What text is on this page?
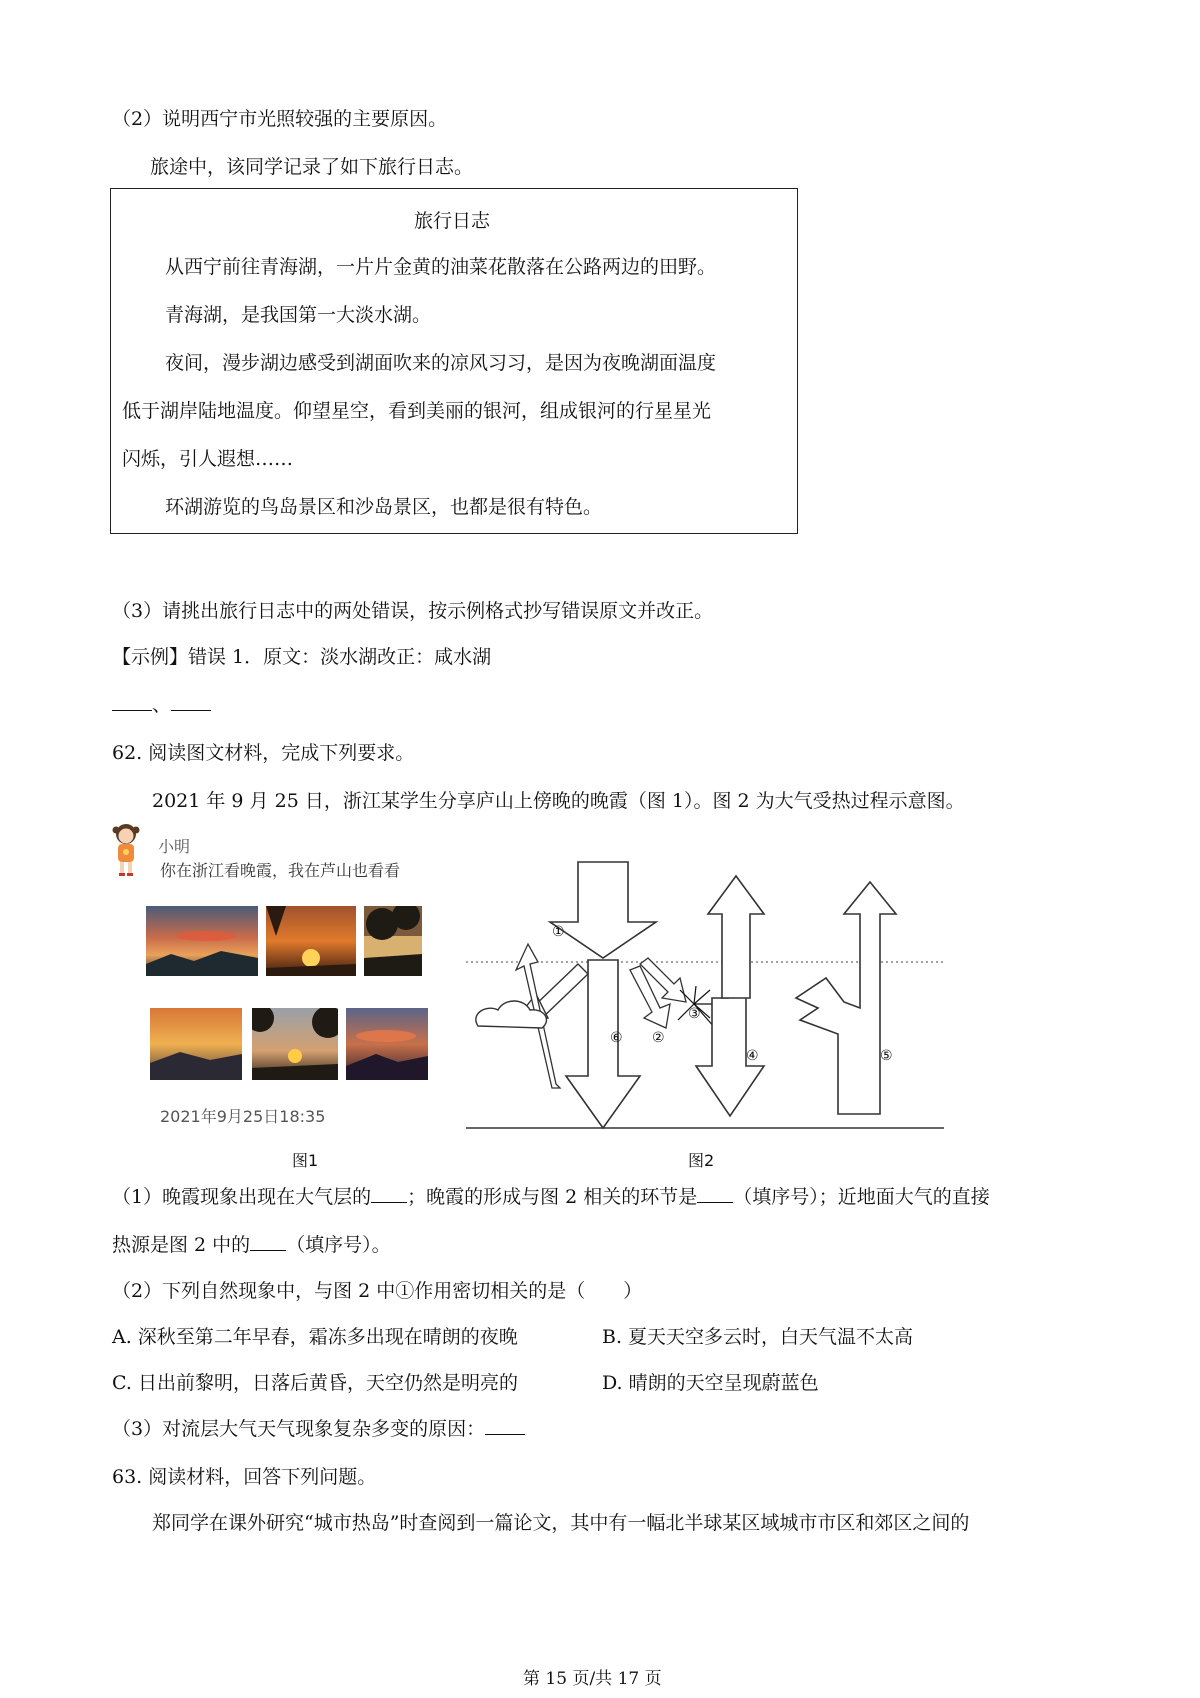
（2）说明西宁市光照较强的主要原因。
旅途中，该同学记录了如下旅行日志。
旅行日志
从西宁前往青海湖，一片片金黄的油菜花散落在公路两边的田野。
青海湖，是我国第一大淡水湖。
夜间，漫步湖边感受到湖面吹来的凉风习习，是因为夜晚湖面温度
低于湖岸陆地温度。仰望星空，看到美丽的银河，组成银河的行星星光
闪烁，引人遐想……
环湖游览的鸟岛景区和沙岛景区，也都是很有特色。
（3）请挑出旅行日志中的两处错误，按示例格式抄写错误原文并改正。
【示例】错误 1．原文：淡水湖改正：咸水湖
、
62. 阅读图文材料，完成下列要求。
2021 年 9 月 25 日，浙江某学生分享庐山上傍晚的晚霞（图 1）。图 2 为大气受热过程示意图。
小明
你在浙江看晚霞，我在芦山也看看
2021年9月25日18:35
图1
①
②
③
④	⑤
⑥
图2
（1）晚霞现象出现在大气层的 ；晚霞的形成与图 2 相关的环节是 （填序号）；近地面大气的直接
热源是图 2 中的 （填序号）。
（2）下列自然现象中，与图 2 中①作用密切相关的是（　　）
A. 深秋至第二年早春，霜冻多出现在晴朗的夜晚	B. 夏天天空多云时，白天气温不太高
C. 日出前黎明，日落后黄昏，天空仍然是明亮的	D. 晴朗的天空呈现蔚蓝色
（3）对流层大气天气现象复杂多变的原因：
63. 阅读材料，回答下列问题。
郑同学在课外研究“城市热岛”时查阅到一篇论文，其中有一幅北半球某区域城市市区和郊区之间的
第 15 页/共 17 页
